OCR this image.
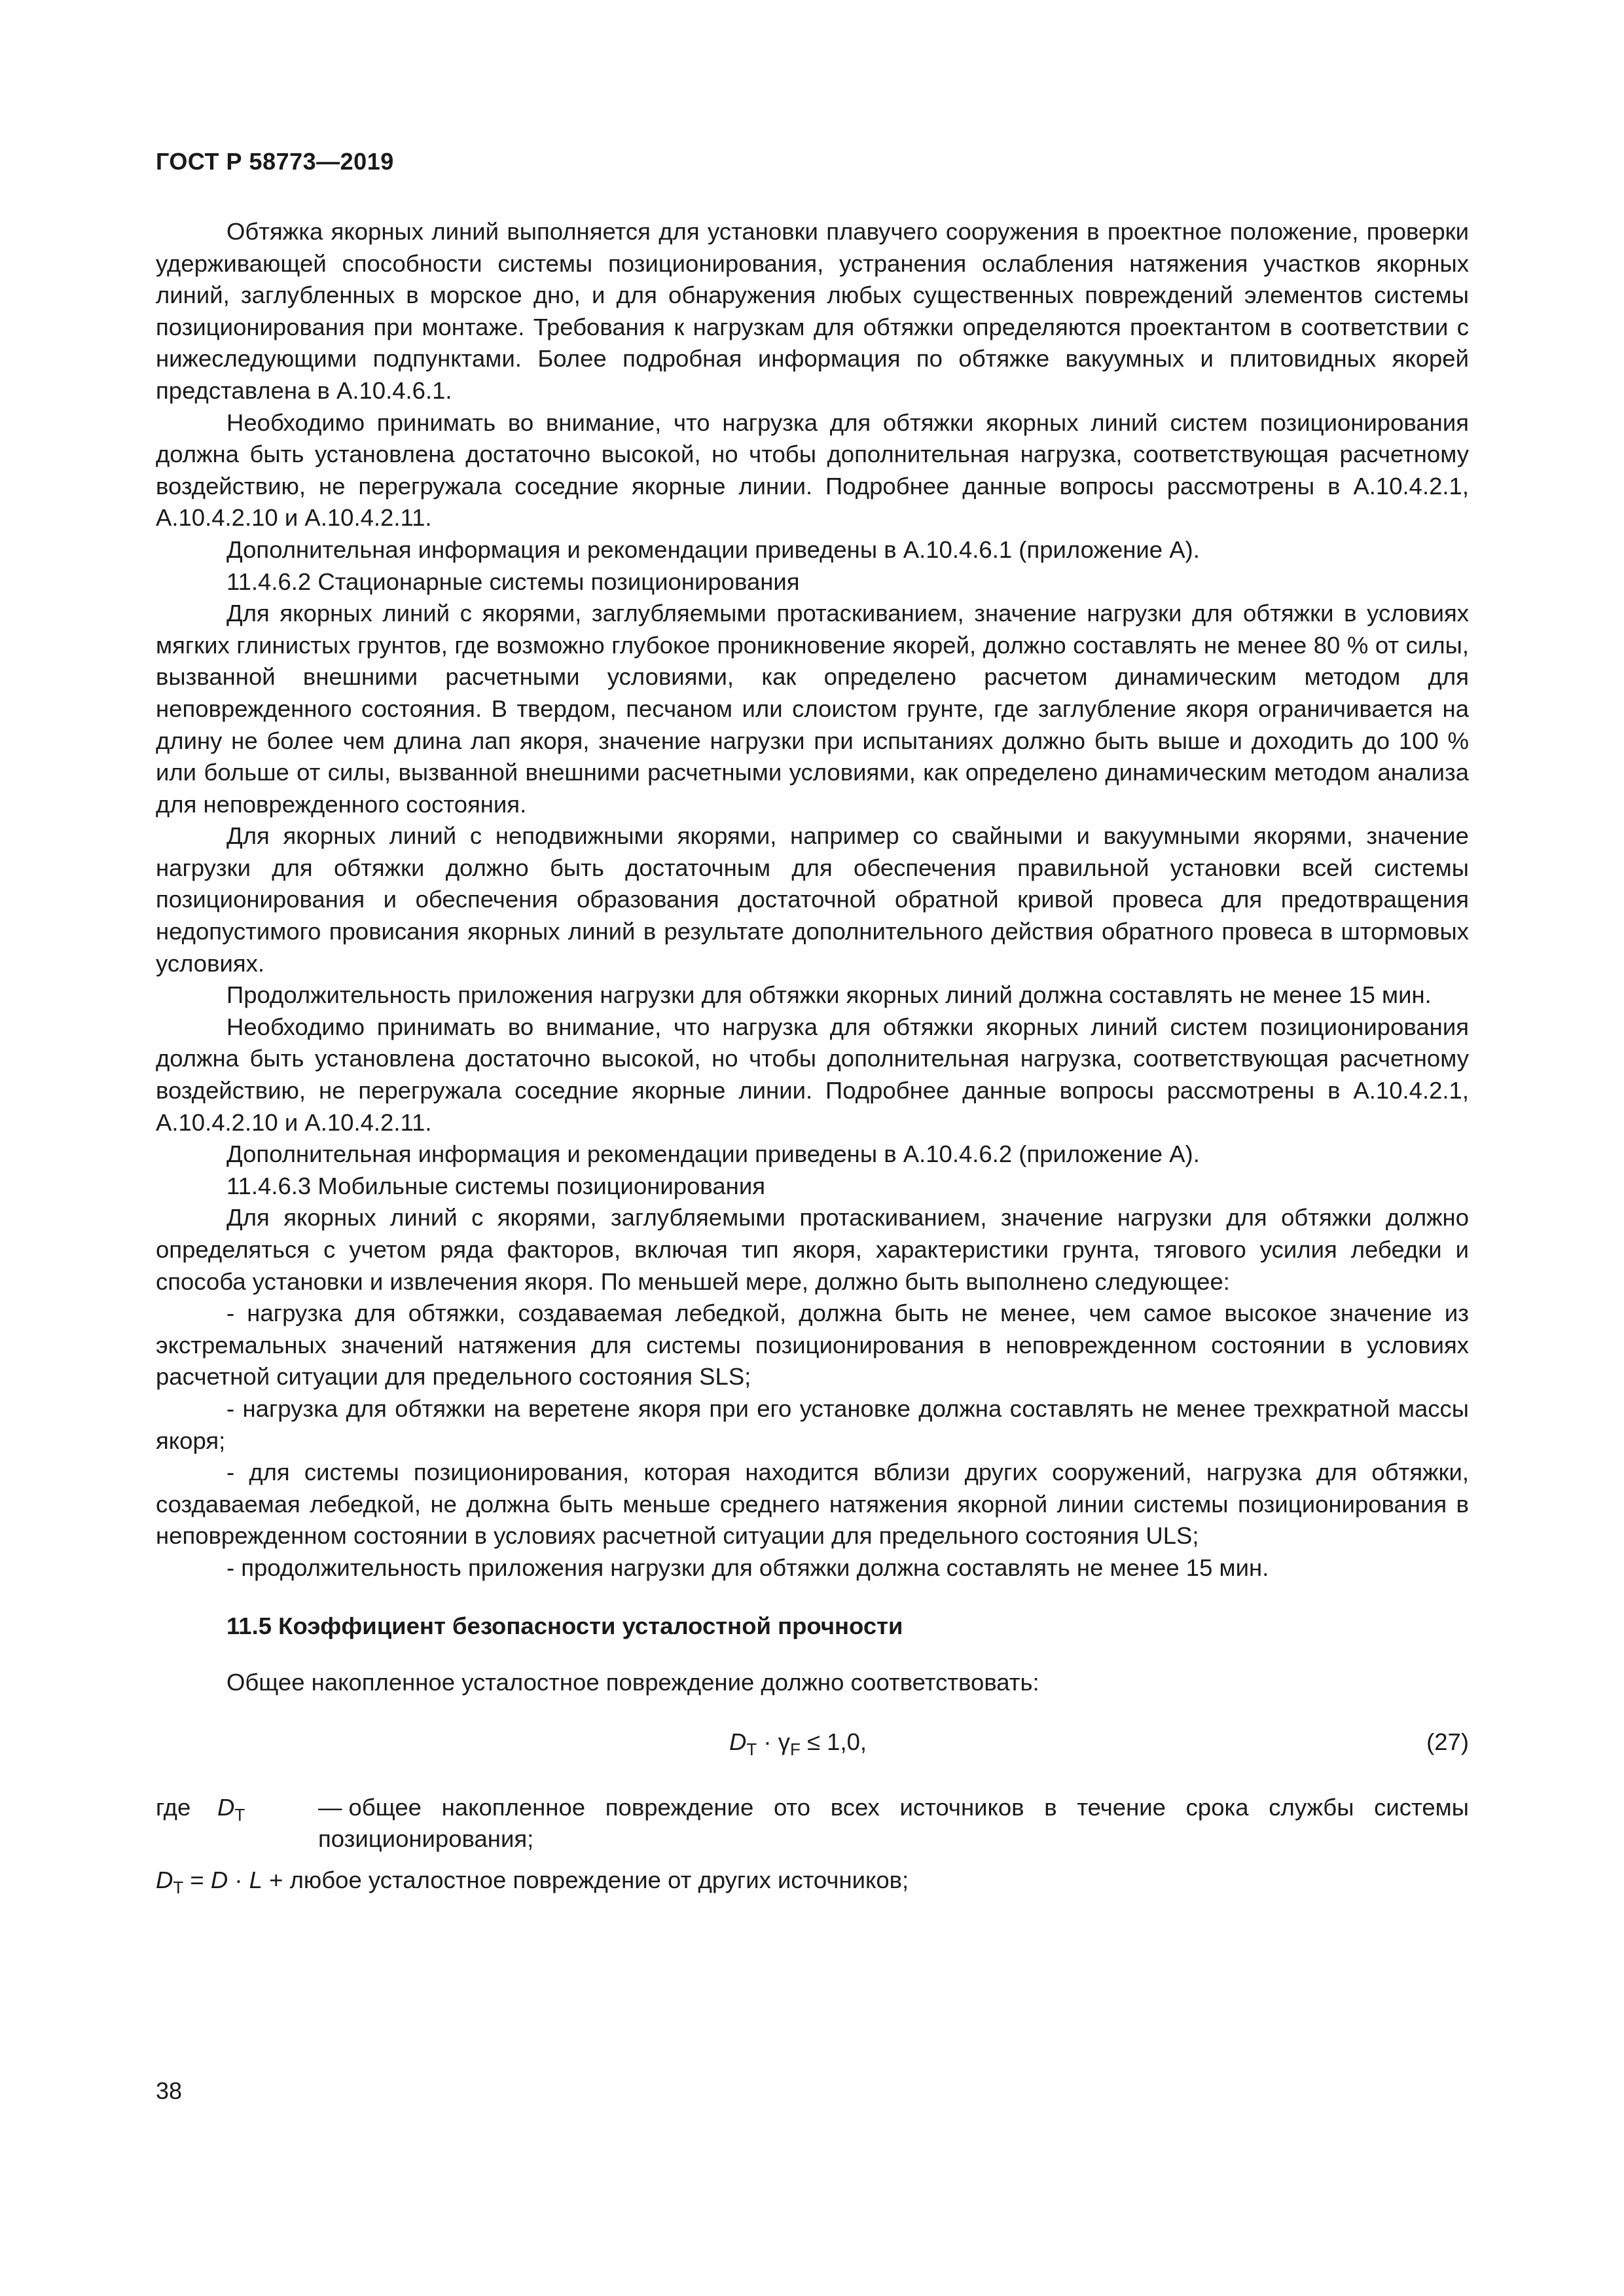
ГОСТ Р 58773—2019

Обтяжка якорных линий выполняется для установки плавучего сооружения в проектное положение, проверки удерживающей способности системы позиционирования, устранения ослабления натяжения участков якорных линий, заглубленных в морское дно, и для обнаружения любых существенных повреждений элементов системы позиционирования при монтаже. Требования к нагрузкам для обтяжки определяются проектантом в соответствии с нижеследующими подпунктами. Более подробная информация по обтяжке вакуумных и плитовидных якорей представлена в А.10.4.6.1.

Необходимо принимать во внимание, что нагрузка для обтяжки якорных линий систем позиционирования должна быть установлена достаточно высокой, но чтобы дополнительная нагрузка, соответствующая расчетному воздействию, не перегружала соседние якорные линии. Подробнее данные вопросы рассмотрены в А.10.4.2.1, А.10.4.2.10 и А.10.4.2.11.

Дополнительная информация и рекомендации приведены в А.10.4.6.1 (приложение А).

11.4.6.2 Стационарные системы позиционирования

Для якорных линий с якорями, заглубляемыми протаскиванием, значение нагрузки для обтяжки в условиях мягких глинистых грунтов, где возможно глубокое проникновение якорей, должно составлять не менее 80 % от силы, вызванной внешними расчетными условиями, как определено расчетом динамическим методом для неповрежденного состояния. В твердом, песчаном или слоистом грунте, где заглубление якоря ограничивается на длину не более чем длина лап якоря, значение нагрузки при испытаниях должно быть выше и доходить до 100 % или больше от силы, вызванной внешними расчетными условиями, как определено динамическим методом анализа для неповрежденного состояния.

Для якорных линий с неподвижными якорями, например со свайными и вакуумными якорями, значение нагрузки для обтяжки должно быть достаточным для обеспечения правильной установки всей системы позиционирования и обеспечения образования достаточной обратной кривой провеса для предотвращения недопустимого провисания якорных линий в результате дополнительного действия обратного провеса в штормовых условиях.

Продолжительность приложения нагрузки для обтяжки якорных линий должна составлять не менее 15 мин.

Необходимо принимать во внимание, что нагрузка для обтяжки якорных линий систем позиционирования должна быть установлена достаточно высокой, но чтобы дополнительная нагрузка, соответствующая расчетному воздействию, не перегружала соседние якорные линии. Подробнее данные вопросы рассмотрены в А.10.4.2.1, А.10.4.2.10 и А.10.4.2.11.

Дополнительная информация и рекомендации приведены в А.10.4.6.2 (приложение А).

11.4.6.3 Мобильные системы позиционирования

Для якорных линий с якорями, заглубляемыми протаскиванием, значение нагрузки для обтяжки должно определяться с учетом ряда факторов, включая тип якоря, характеристики грунта, тягового усилия лебедки и способа установки и извлечения якоря. По меньшей мере, должно быть выполнено следующее:

- нагрузка для обтяжки, создаваемая лебедкой, должна быть не менее, чем самое высокое значение из экстремальных значений натяжения для системы позиционирования в неповрежденном состоянии в условиях расчетной ситуации для предельного состояния SLS;

- нагрузка для обтяжки на веретене якоря при его установке должна составлять не менее трехкратной массы якоря;

- для системы позиционирования, которая находится вблизи других сооружений, нагрузка для обтяжки, создаваемая лебедкой, не должна быть меньше среднего натяжения якорной линии системы позиционирования в неповрежденном состоянии в условиях расчетной ситуации для предельного состояния ULS;

- продолжительность приложения нагрузки для обтяжки должна составлять не менее 15 мин.

11.5 Коэффициент безопасности усталостной прочности

Общее накопленное усталостное повреждение должно соответствовать:

$D_T \cdot \gamma_F \le 1,0$,	(27)
где $D_T$	— общее накопленное повреждение ото всех источников в течение срока службы системы позиционирования;
$D_T = D \cdot L$ + любое усталостное повреждение от других источников;
38
